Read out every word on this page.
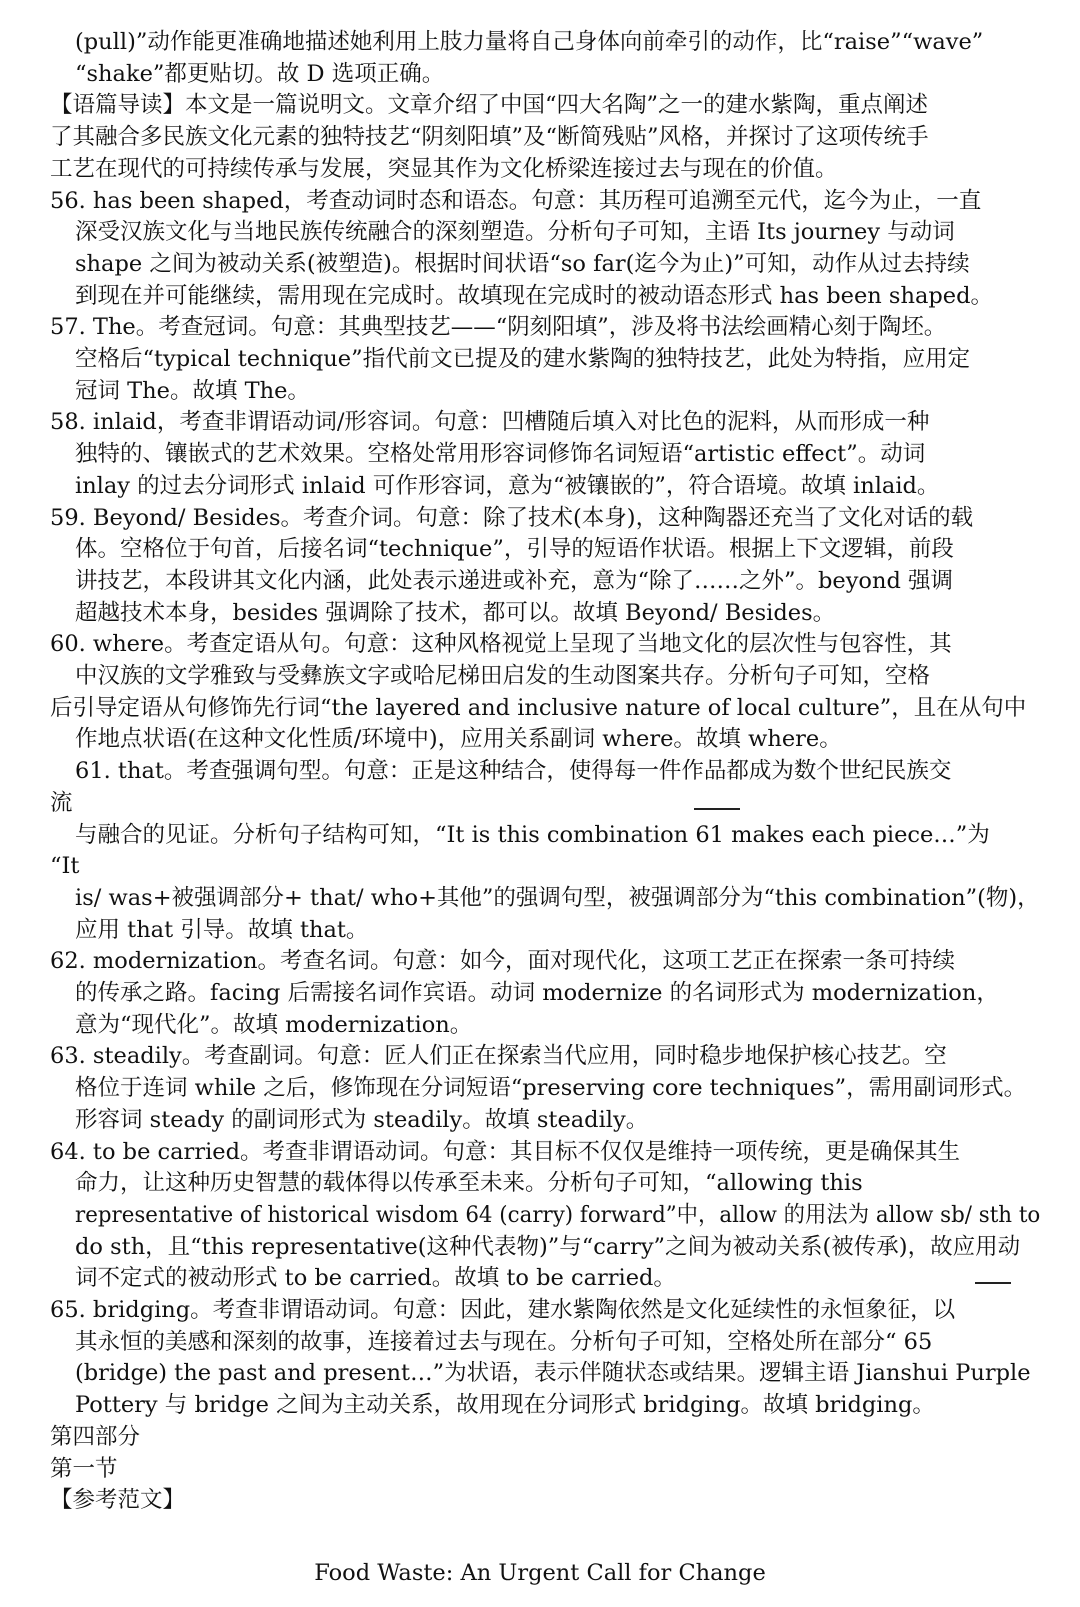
(pull)”动作能更准确地描述她利用上肢力量将自己身体向前牵引的动作，比“raise”“wave”
“shake”都更贴切。故 D 选项正确。
【语篇导读】本文是一篇说明文。文章介绍了中国“四大名陶”之一的建水紫陶，重点阐述
了其融合多民族文化元素的独特技艺“阴刻阳填”及“断简残贴”风格，并探讨了这项传统手
工艺在现代的可持续传承与发展，突显其作为文化桥梁连接过去与现在的价值。
56. has been shaped，考查动词时态和语态。句意：其历程可追溯至元代，迄今为止，一直
深受汉族文化与当地民族传统融合的深刻塑造。分析句子可知，主语 Its journey 与动词
shape 之间为被动关系(被塑造)。根据时间状语“so far(迄今为止)”可知，动作从过去持续
到现在并可能继续，需用现在完成时。故填现在完成时的被动语态形式 has been shaped。
57. The。考查冠词。句意：其典型技艺——“阴刻阳填”，涉及将书法绘画精心刻于陶坯。
空格后“typical technique”指代前文已提及的建水紫陶的独特技艺，此处为特指，应用定
冠词 The。故填 The。
58. inlaid，考查非谓语动词/形容词。句意：凹槽随后填入对比色的泥料，从而形成一种
独特的、镶嵌式的艺术效果。空格处常用形容词修饰名词短语“artistic effect”。动词
inlay 的过去分词形式 inlaid 可作形容词，意为“被镶嵌的”，符合语境。故填 inlaid。
59. Beyond/ Besides。考查介词。句意：除了技术(本身)，这种陶器还充当了文化对话的载
体。空格位于句首，后接名词“technique”，引导的短语作状语。根据上下文逻辑，前段
讲技艺，本段讲其文化内涵，此处表示递进或补充，意为“除了……之外”。beyond 强调
超越技术本身，besides 强调除了技术，都可以。故填 Beyond/ Besides。
60. where。考查定语从句。句意：这种风格视觉上呈现了当地文化的层次性与包容性，其
中汉族的文学雅致与受彝族文字或哈尼梯田启发的生动图案共存。分析句子可知，空格
后引导定语从句修饰先行词“the layered and inclusive nature of local culture”，且在从句中
作地点状语(在这种文化性质/环境中)，应用关系副词 where。故填 where。
61. that。考查强调句型。句意：正是这种结合，使得每一件作品都成为数个世纪民族交
流
与融合的见证。分析句子结构可知，“It is this combination 61 makes each piece…”为
“It
is/ was+被强调部分+ that/ who+其他”的强调句型，被强调部分为“this combination”(物)，
应用 that 引导。故填 that。
62. modernization。考查名词。句意：如今，面对现代化，这项工艺正在探索一条可持续
的传承之路。facing 后需接名词作宾语。动词 modernize 的名词形式为 modernization，
意为“现代化”。故填 modernization。
63. steadily。考查副词。句意：匠人们正在探索当代应用，同时稳步地保护核心技艺。空
格位于连词 while 之后，修饰现在分词短语“preserving core techniques”，需用副词形式。
形容词 steady 的副词形式为 steadily。故填 steadily。
64. to be carried。考查非谓语动词。句意：其目标不仅仅是维持一项传统，更是确保其生
命力，让这种历史智慧的载体得以传承至未来。分析句子可知，“allowing this
representative of historical wisdom 64 (carry) forward”中，allow 的用法为 allow sb/ sth to
do sth，且“this representative(这种代表物)”与“carry”之间为被动关系(被传承)，故应用动
词不定式的被动形式 to be carried。故填 to be carried。
65. bridging。考查非谓语动词。句意：因此，建水紫陶依然是文化延续性的永恒象征，以
其永恒的美感和深刻的故事，连接着过去与现在。分析句子可知，空格处所在部分“ 65
(bridge) the past and present…”为状语，表示伴随状态或结果。逻辑主语 Jianshui Purple
Pottery 与 bridge 之间为主动关系，故用现在分词形式 bridging。故填 bridging。
第四部分
第一节
【参考范文】
Food Waste: An Urgent Call for Change
